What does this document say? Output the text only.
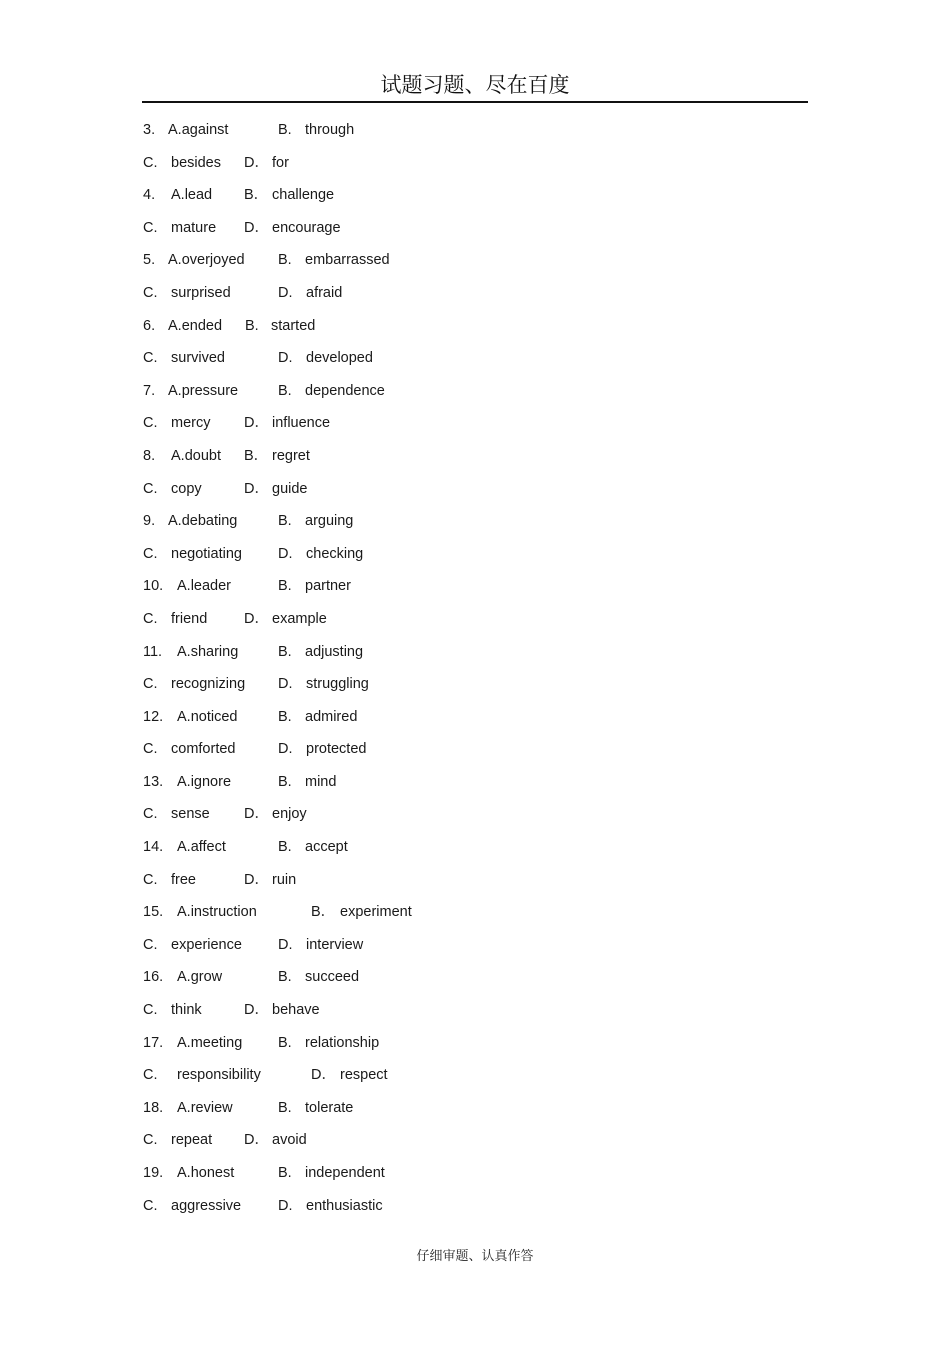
试题习题、尽在百度
3. A.against	B. through
C. besides D． for
4. A.lead B． challenge
C. mature D． encourage
5. A.overjoyed B. embarrassed
C. surprised	D. afraid
6. A.ended B. started
C. survived	D. developed
7. A.pressure	B. dependence
C. mercy D． influence
8. A.doubt B． regret
C. copy	D． guide
9. A.debating	B. arguing
C. negotiating D. checking
10. A.leader	B. partner
C. friend	D． example
11. A.sharing	B. adjusting
C. recognizing D. struggling
12. A.noticed	B. admired
C. comforted	D. protected
13. A.ignore	B. mind
C. sense D． enjoy
14. A.affect	B. accept
C. free	D． ruin
15. A.instruction	B． experiment
C. experience D. interview
16. A.grow	B. succeed
C. think	D． behave
17. A.meeting B. relationship
C. responsibility	D． respect
18. A.review	B. tolerate
C. repeat D． avoid
19. A.honest	B. independent
C. aggressive	D. enthusiastic
仔细审题、认真作答
